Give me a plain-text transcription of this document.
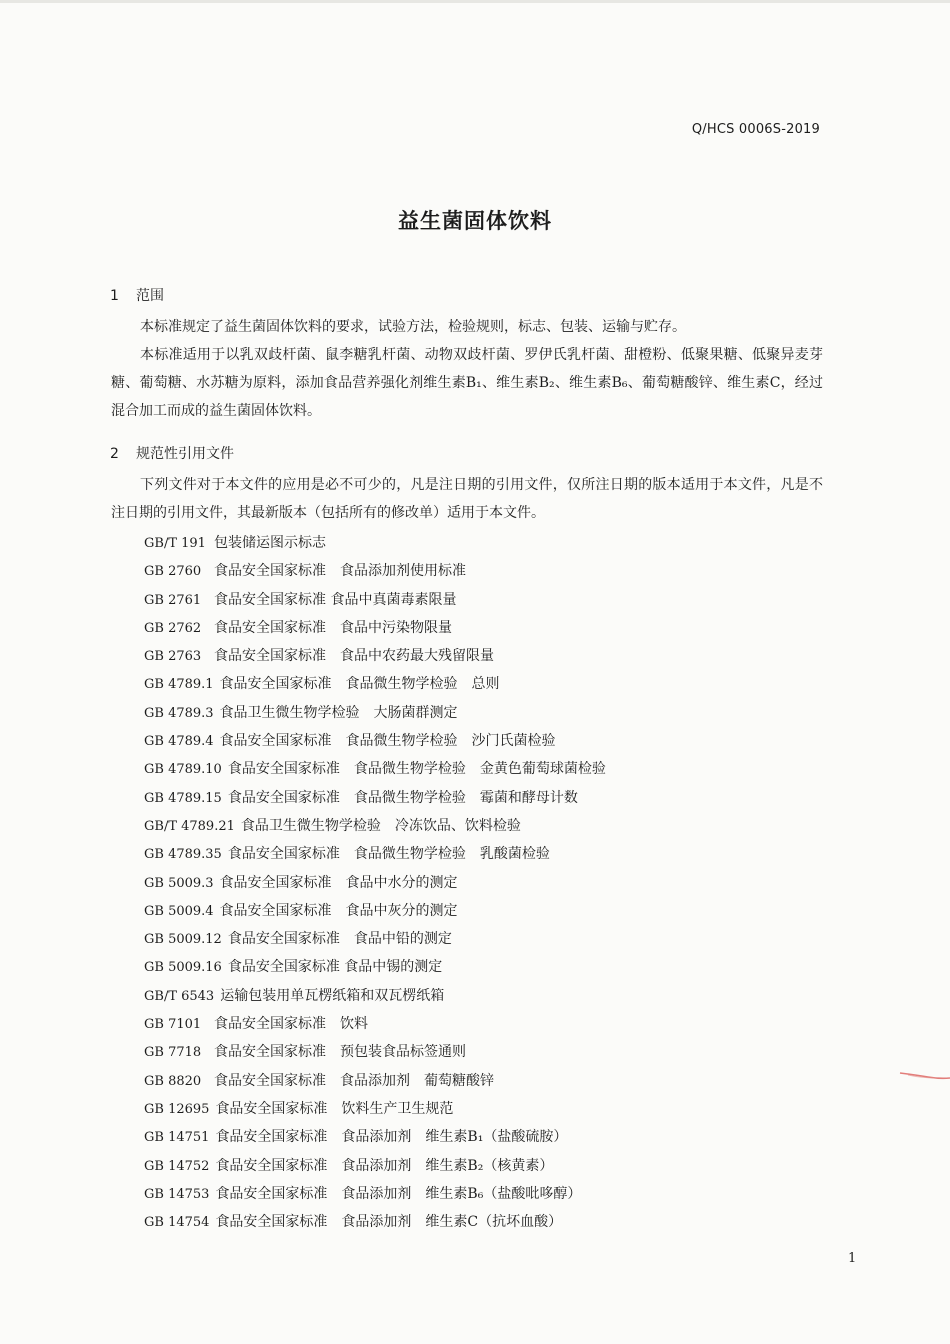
Q/HCS 0006S-2019
益生菌固体饮料
1 范围

本标准规定了益生菌固体饮料的要求，试验方法，检验规则，标志、包装、运输与贮存。

本标准适用于以乳双歧杆菌、鼠李糖乳杆菌、动物双歧杆菌、罗伊氏乳杆菌、甜橙粉、低聚果糖、低聚异麦芽糖、葡萄糖、水苏糖为原料，添加食品营养强化剂维生素B₁、维生素B₂、维生素B₆、葡萄糖酸锌、维生素C，经过混合加工而成的益生菌固体饮料。

2 规范性引用文件

下列文件对于本文件的应用是必不可少的，凡是注日期的引用文件，仅所注日期的版本适用于本文件，凡是不注日期的引用文件，其最新版本（包括所有的修改单）适用于本文件。

GB/T 191 包装储运图示标志
GB 2760 食品安全国家标准　食品添加剂使用标准
GB 2761 食品安全国家标准 食品中真菌毒素限量
GB 2762 食品安全国家标准　食品中污染物限量
GB 2763 食品安全国家标准　食品中农药最大残留限量
GB 4789.1 食品安全国家标准　食品微生物学检验　总则
GB 4789.3 食品卫生微生物学检验　大肠菌群测定
GB 4789.4 食品安全国家标准　食品微生物学检验　沙门氏菌检验
GB 4789.10 食品安全国家标准　食品微生物学检验　金黄色葡萄球菌检验
GB 4789.15 食品安全国家标准　食品微生物学检验　霉菌和酵母计数
GB/T 4789.21 食品卫生微生物学检验　冷冻饮品、饮料检验
GB 4789.35 食品安全国家标准　食品微生物学检验　乳酸菌检验
GB 5009.3 食品安全国家标准　食品中水分的测定
GB 5009.4 食品安全国家标准　食品中灰分的测定
GB 5009.12 食品安全国家标准　食品中铅的测定
GB 5009.16 食品安全国家标准 食品中锡的测定
GB/T 6543 运输包装用单瓦楞纸箱和双瓦楞纸箱
GB 7101 食品安全国家标准　饮料
GB 7718 食品安全国家标准　预包装食品标签通则
GB 8820 食品安全国家标准　食品添加剂　葡萄糖酸锌
GB 12695 食品安全国家标准　饮料生产卫生规范
GB 14751 食品安全国家标准　食品添加剂　维生素B₁（盐酸硫胺）
GB 14752 食品安全国家标准　食品添加剂　维生素B₂（核黄素）
GB 14753 食品安全国家标准　食品添加剂　维生素B₆（盐酸吡哆醇）
GB 14754 食品安全国家标准　食品添加剂　维生素C（抗坏血酸）
1
